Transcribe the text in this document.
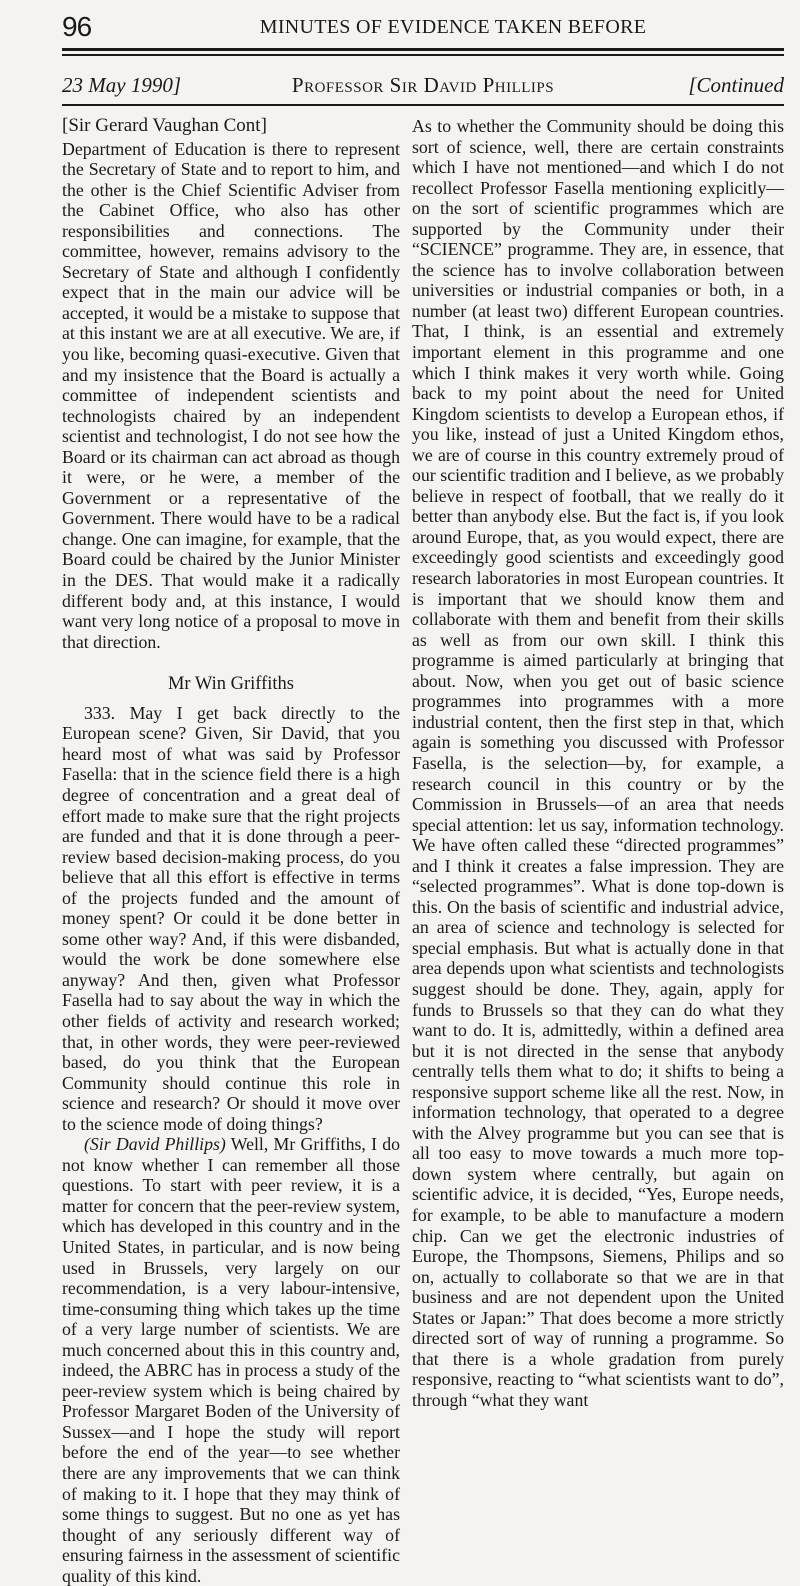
96	MINUTES OF EVIDENCE TAKEN BEFORE
23 May 1990]	Professor Sir David Phillips	[Continued

[Sir Gerard Vaughan Cont]

Department of Education is there to represent the Secretary of State and to report to him, and the other is the Chief Scientific Adviser from the Cabinet Office, who also has other responsibilities and connections. The committee, however, remains advisory to the Secretary of State and although I confidently expect that in the main our advice will be accepted, it would be a mistake to suppose that at this instant we are at all executive. We are, if you like, becoming quasi-executive. Given that and my insistence that the Board is actually a committee of independent scientists and technologists chaired by an independent scientist and technologist, I do not see how the Board or its chairman can act abroad as though it were, or he were, a member of the Government or a representative of the Government. There would have to be a radical change. One can imagine, for example, that the Board could be chaired by the Junior Minister in the DES. That would make it a radically different body and, at this instance, I would want very long notice of a proposal to move in that direction.

Mr Win Griffiths

333. May I get back directly to the European scene? Given, Sir David, that you heard most of what was said by Professor Fasella: that in the science field there is a high degree of concentration and a great deal of effort made to make sure that the right projects are funded and that it is done through a peer-review based decision-making process, do you believe that all this effort is effective in terms of the projects funded and the amount of money spent? Or could it be done better in some other way? And, if this were disbanded, would the work be done somewhere else anyway? And then, given what Professor Fasella had to say about the way in which the other fields of activity and research worked; that, in other words, they were peer-reviewed based, do you think that the European Community should continue this role in science and research? Or should it move over to the science mode of doing things?

(Sir David Phillips) Well, Mr Griffiths, I do not know whether I can remember all those questions. To start with peer review, it is a matter for concern that the peer-review system, which has developed in this country and in the United States, in particular, and is now being used in Brussels, very largely on our recommendation, is a very labour-intensive, time-consuming thing which takes up the time of a very large number of scientists. We are much concerned about this in this country and, indeed, the ABRC has in process a study of the peer-review system which is being chaired by Professor Margaret Boden of the University of Sussex—and I hope the study will report before the end of the year—to see whether there are any improvements that we can think of making to it. I hope that they may think of some things to suggest. But no one as yet has thought of any seriously different way of ensuring fairness in the assessment of scientific quality of this kind.

As to whether the Community should be doing this sort of science, well, there are certain constraints which I have not mentioned—and which I do not recollect Professor Fasella mentioning explicitly—on the sort of scientific programmes which are supported by the Community under their “SCIENCE” programme. They are, in essence, that the science has to involve collaboration between universities or industrial companies or both, in a number (at least two) different European countries. That, I think, is an essential and extremely important element in this programme and one which I think makes it very worth while. Going back to my point about the need for United Kingdom scientists to develop a European ethos, if you like, instead of just a United Kingdom ethos, we are of course in this country extremely proud of our scientific tradition and I believe, as we probably believe in respect of football, that we really do it better than anybody else. But the fact is, if you look around Europe, that, as you would expect, there are exceedingly good scientists and exceedingly good research laboratories in most European countries. It is important that we should know them and collaborate with them and benefit from their skills as well as from our own skill. I think this programme is aimed particularly at bringing that about. Now, when you get out of basic science programmes into programmes with a more industrial content, then the first step in that, which again is something you discussed with Professor Fasella, is the selection—by, for example, a research council in this country or by the Commission in Brussels—of an area that needs special attention: let us say, information technology. We have often called these “directed programmes” and I think it creates a false impression. They are “selected programmes”. What is done top-down is this. On the basis of scientific and industrial advice, an area of science and technology is selected for special emphasis. But what is actually done in that area depends upon what scientists and technologists suggest should be done. They, again, apply for funds to Brussels so that they can do what they want to do. It is, admittedly, within a defined area but it is not directed in the sense that anybody centrally tells them what to do; it shifts to being a responsive support scheme like all the rest. Now, in information technology, that operated to a degree with the Alvey programme but you can see that is all too easy to move towards a much more top-down system where centrally, but again on scientific advice, it is decided, “Yes, Europe needs, for example, to be able to manufacture a modern chip. Can we get the electronic industries of Europe, the Thompsons, Siemens, Philips and so on, actually to collaborate so that we are in that business and are not dependent upon the United States or Japan:” That does become a more strictly directed sort of way of running a programme. So that there is a whole gradation from purely responsive, reacting to “what scientists want to do”, through “what they want
